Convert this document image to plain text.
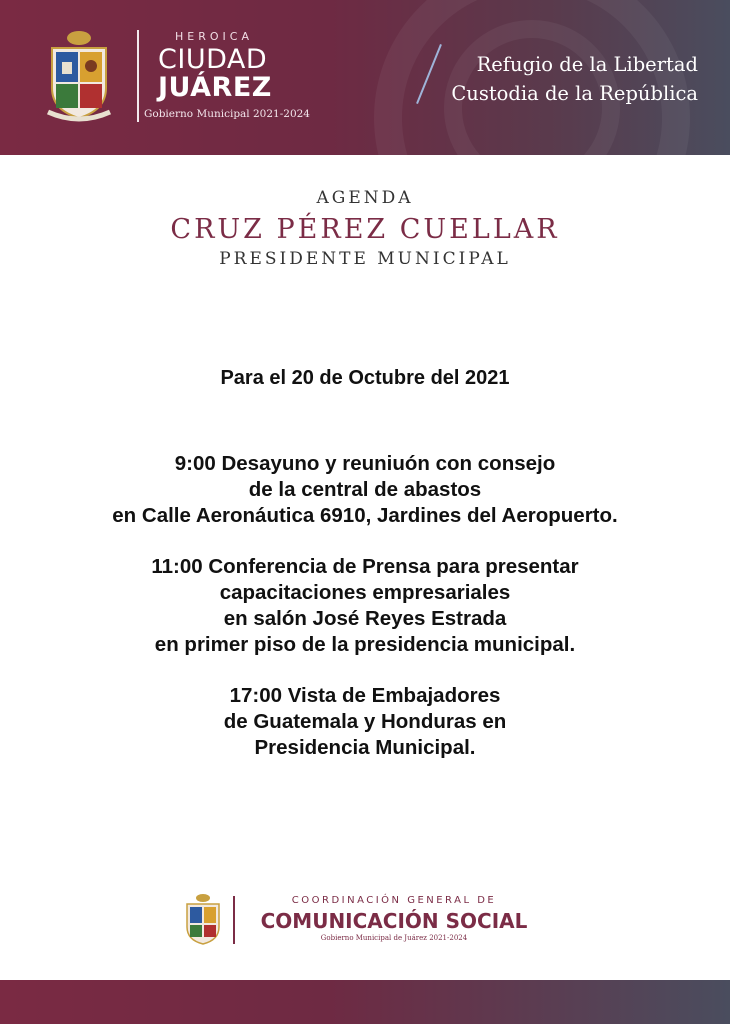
HEROICA
CIUDAD
JUÁREZ
Gobierno Municipal 2021-2024
Refugio de la Libertad
Custodia de la República
AGENDA
CRUZ PÉREZ CUELLAR
PRESIDENTE MUNICIPAL
Para el 20 de Octubre del 2021
9:00 Desayuno y reuniuón con consejo
de la central de abastos
en Calle Aeronáutica 6910, Jardines del Aeropuerto.
11:00 Conferencia de Prensa para presentar
capacitaciones empresariales
en salón José Reyes Estrada
en primer piso de la presidencia municipal.
17:00 Vista de Embajadores
de Guatemala y Honduras en
Presidencia Municipal.
COORDINACIÓN GENERAL DE
COMUNICACIÓN SOCIAL
Gobierno Municipal de Juárez 2021-2024
